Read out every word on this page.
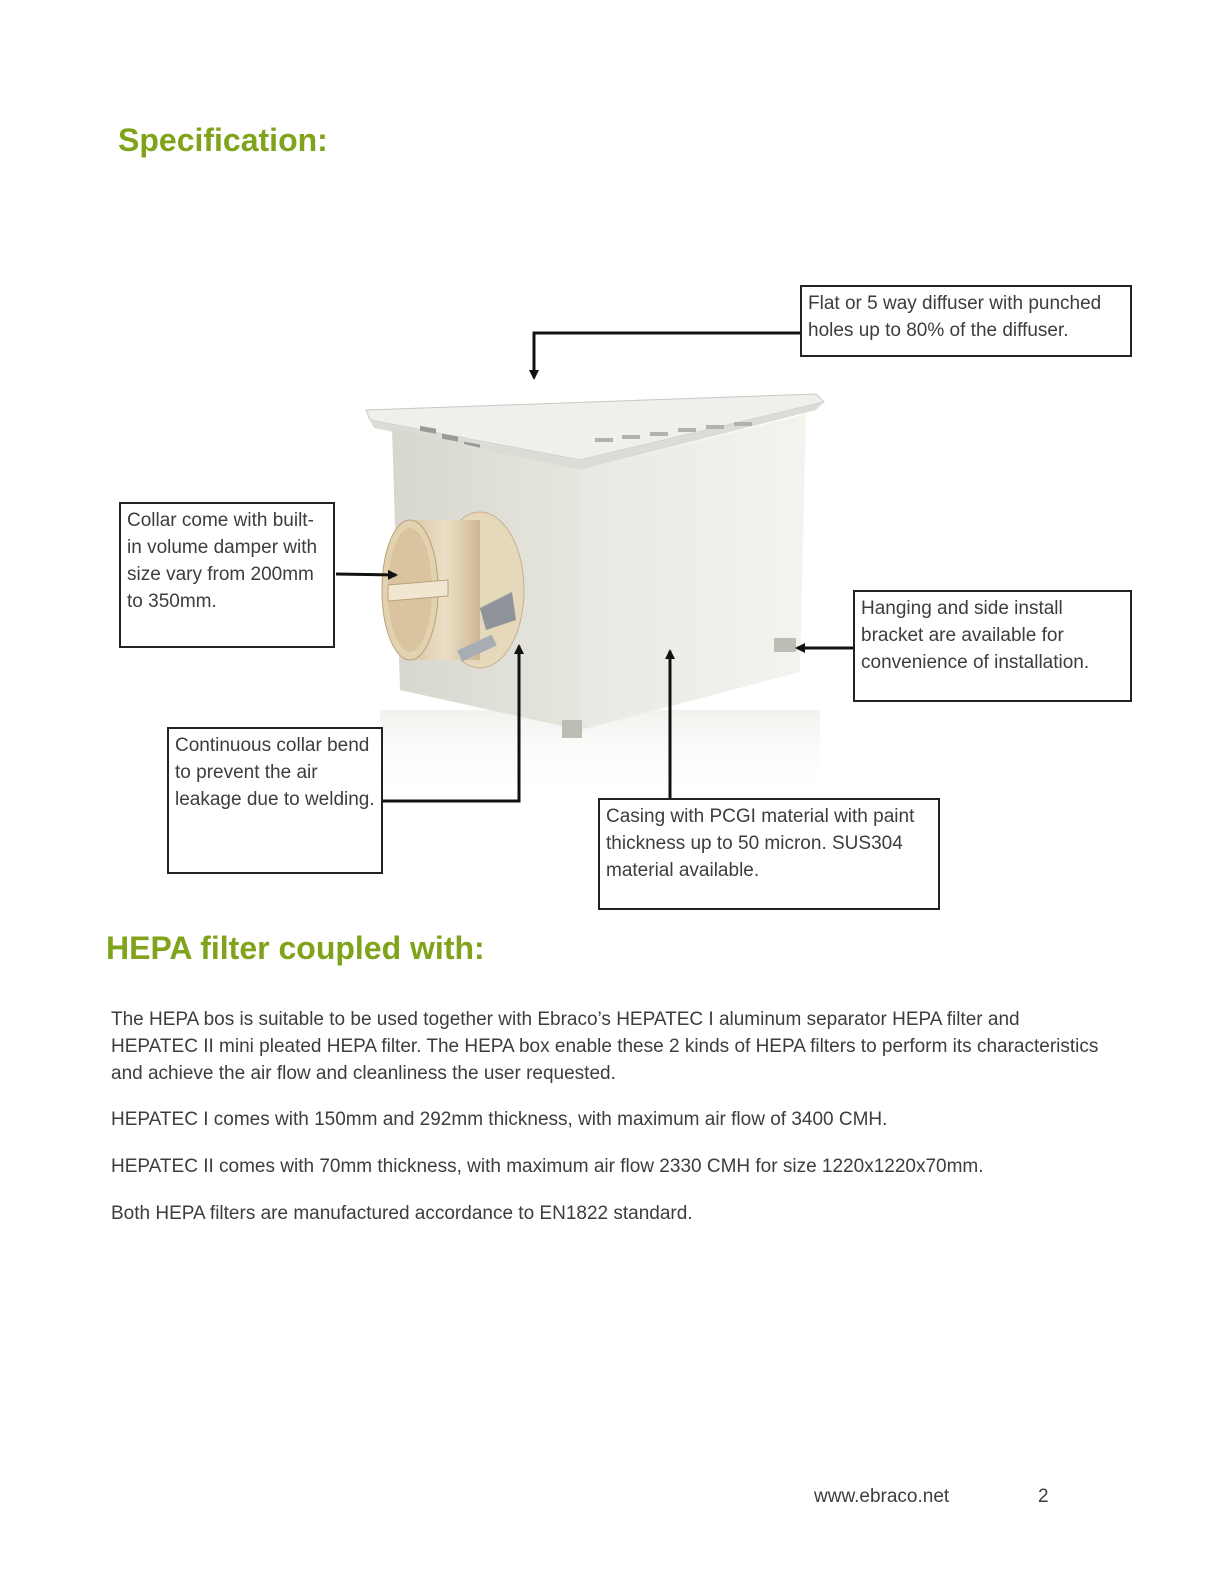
Specification:
Flat or 5 way diffuser with punched holes up to 80% of the diffuser.
Collar come with built-in volume damper with size vary from 200mm to 350mm.	Hanging and side install bracket are available for convenience of installation.
Continuous collar bend to prevent the air leakage due to welding.
Casing with PCGI material with paint thickness up to 50 micron. SUS304 material available.
HEPA filter coupled with:

The HEPA bos is suitable to be used together with Ebraco’s HEPATEC I aluminum separator HEPA filter and HEPATEC II mini pleated HEPA filter. The HEPA box enable these 2 kinds of HEPA filters to perform its characteristics and achieve the air flow and cleanliness the user requested.

HEPATEC I comes with 150mm and 292mm thickness, with maximum air flow of 3400 CMH.

HEPATEC II comes with 70mm thickness, with maximum air flow 2330 CMH for size 1220x1220x70mm.

Both HEPA filters are manufactured accordance to EN1822 standard.

www.ebraco.net	2
